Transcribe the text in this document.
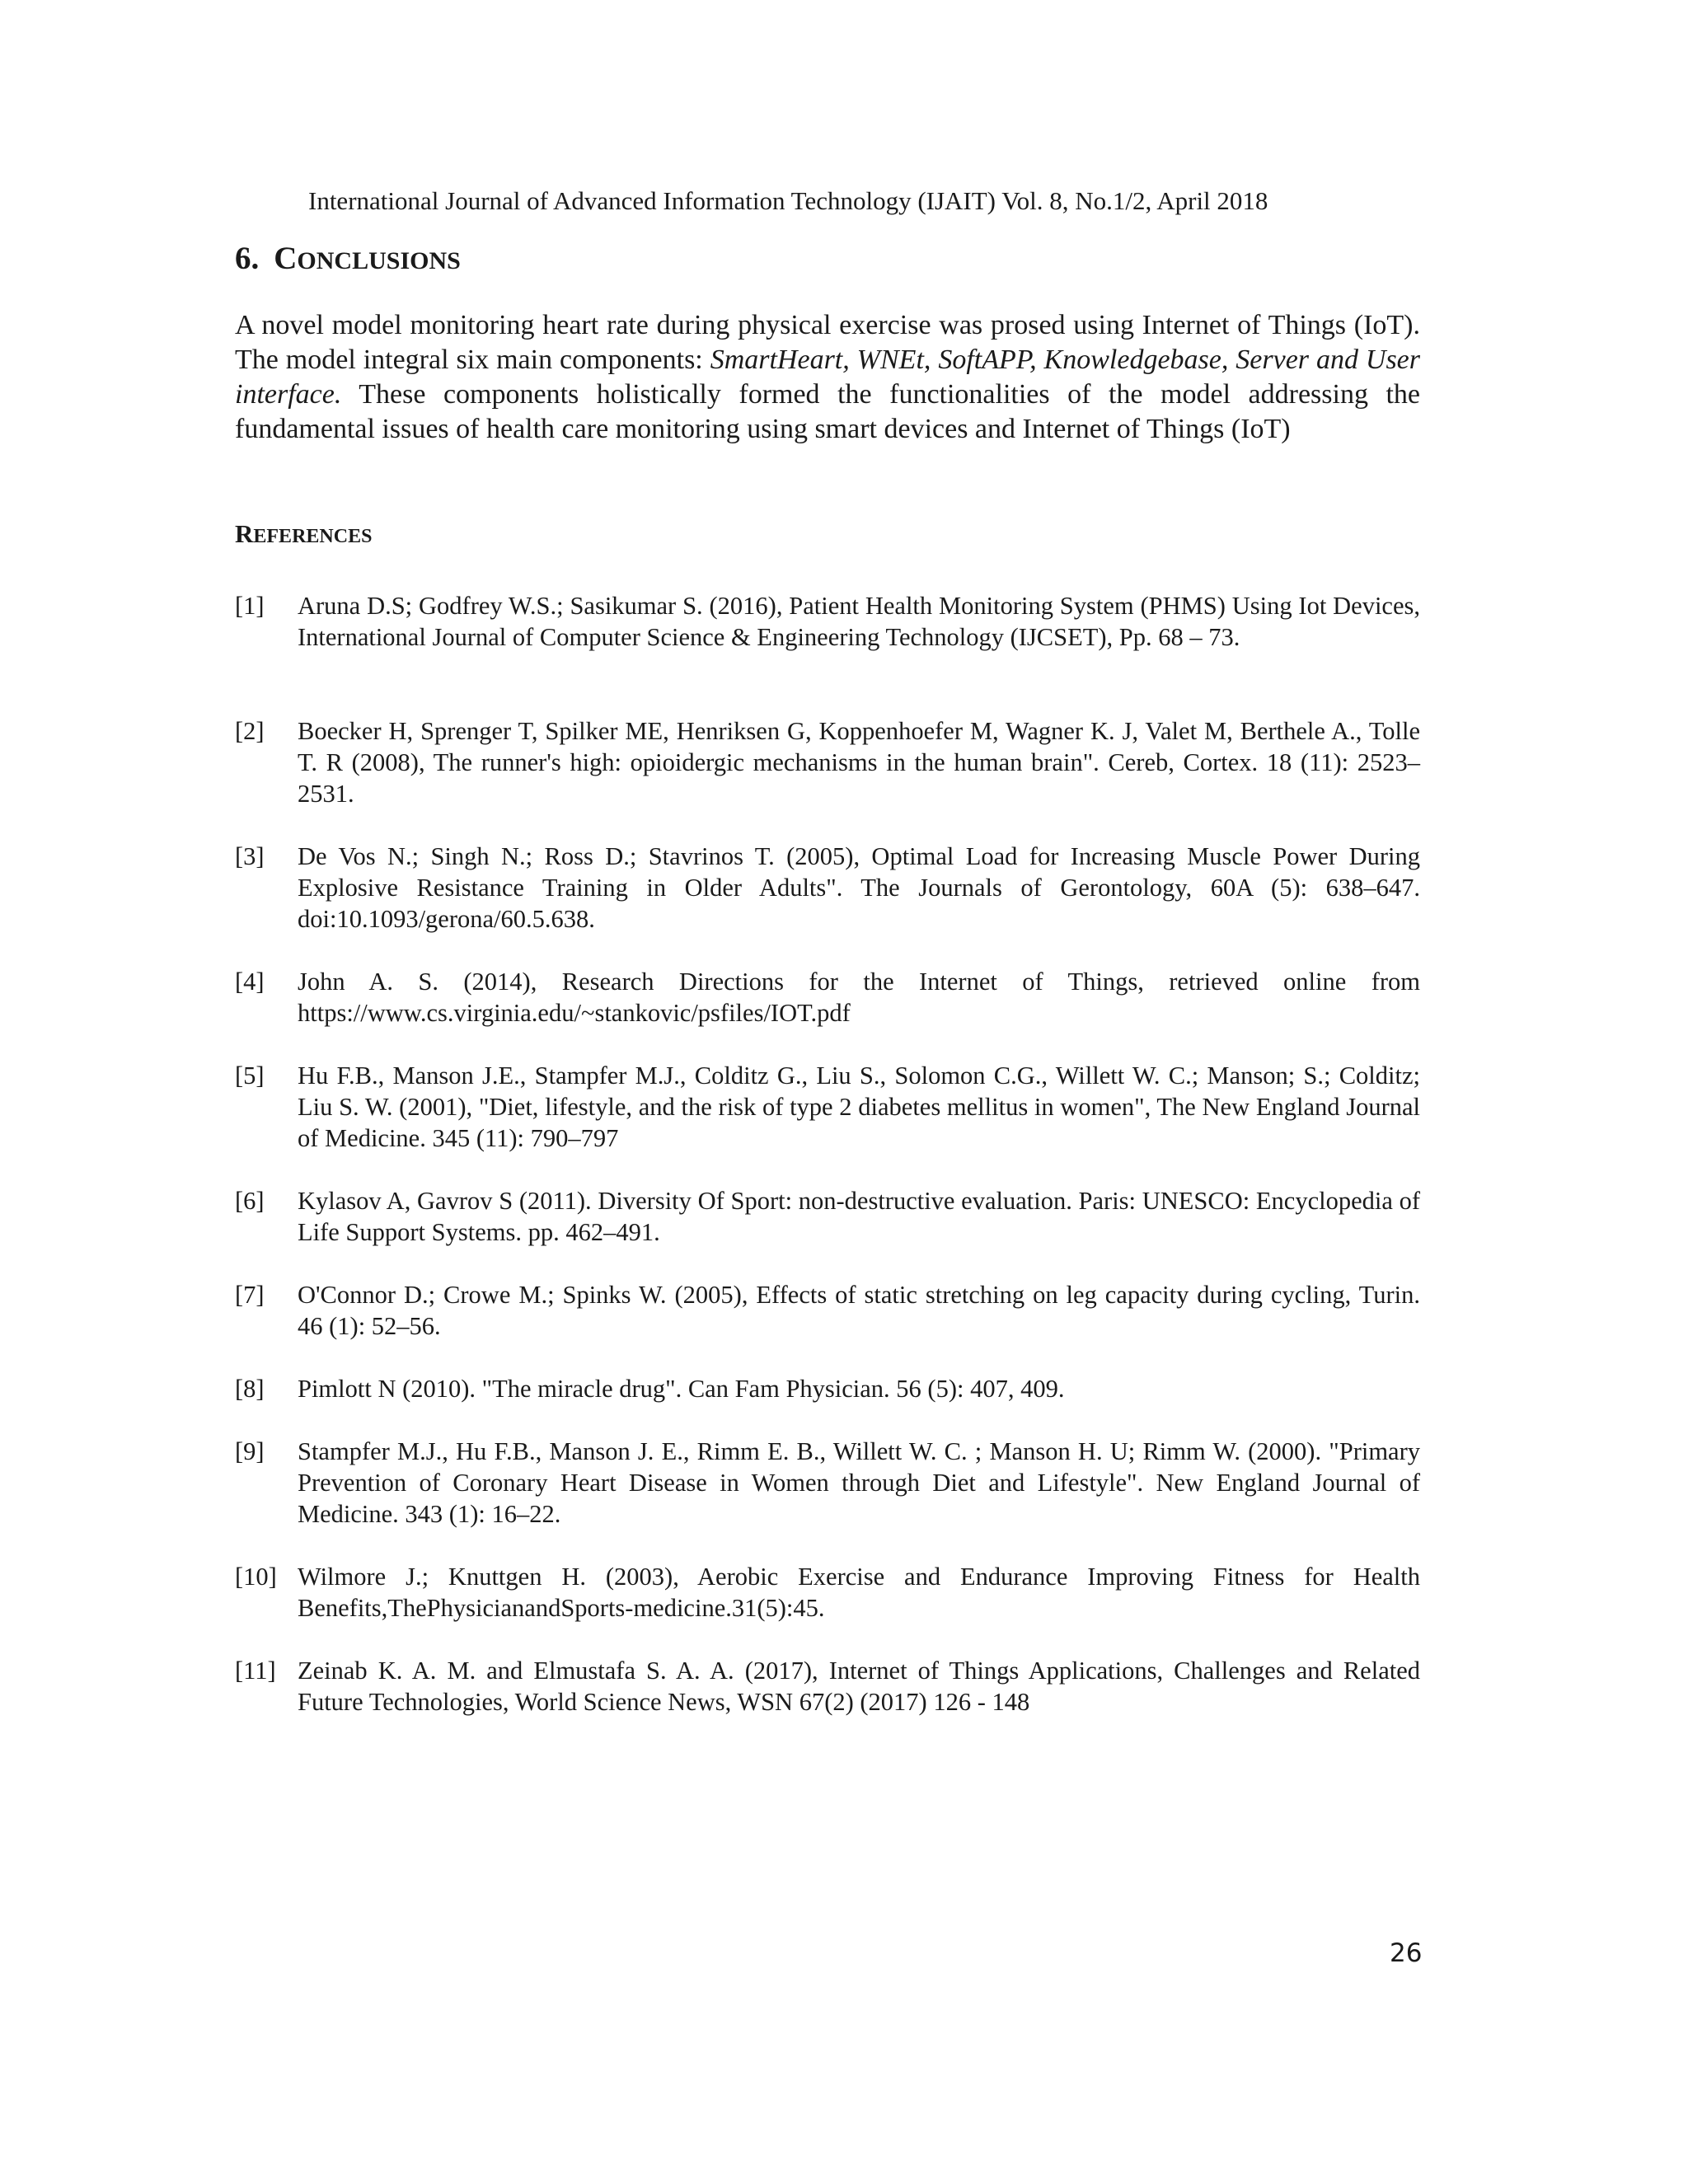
International Journal of Advanced Information Technology (IJAIT) Vol. 8, No.1/2, April 2018
6. CONCLUSIONS
A novel model monitoring heart rate during physical exercise was prosed using Internet of Things (IoT). The model integral six main components: SmartHeart, WNEt, SoftAPP, Knowledgebase, Server and User interface. These components holistically formed the functionalities of the model addressing the fundamental issues of health care monitoring using smart devices and Internet of Things (IoT)
REFERENCES
[1]	Aruna D.S; Godfrey W.S.; Sasikumar S. (2016), Patient Health Monitoring System (PHMS) Using Iot Devices, International Journal of Computer Science & Engineering Technology (IJCSET), Pp. 68 – 73.
[2]	Boecker H, Sprenger T, Spilker ME, Henriksen G, Koppenhoefer M, Wagner K. J, Valet M, Berthele A., Tolle T. R (2008), The runner's high: opioidergic mechanisms in the human brain". Cereb, Cortex. 18 (11): 2523–2531.
[3]	De Vos N.; Singh N.; Ross D.; Stavrinos T. (2005), Optimal Load for Increasing Muscle Power During Explosive Resistance Training in Older Adults". The Journals of Gerontology, 60A (5): 638–647. doi:10.1093/gerona/60.5.638.
[4]	John A. S. (2014), Research Directions for the Internet of Things, retrieved online from https://www.cs.virginia.edu/~stankovic/psfiles/IOT.pdf
[5]	Hu F.B., Manson J.E., Stampfer M.J., Colditz G., Liu S., Solomon C.G., Willett W. C.; Manson; S.; Colditz; Liu S. W. (2001), "Diet, lifestyle, and the risk of type 2 diabetes mellitus in women", The New England Journal of Medicine. 345 (11): 790–797
[6]	Kylasov A, Gavrov S (2011). Diversity Of Sport: non-destructive evaluation. Paris: UNESCO: Encyclopedia of Life Support Systems. pp. 462–491.
[7]	O'Connor D.; Crowe M.; Spinks W. (2005), Effects of static stretching on leg capacity during cycling, Turin. 46 (1): 52–56.
[8]	Pimlott N (2010). "The miracle drug". Can Fam Physician. 56 (5): 407, 409.
[9]	Stampfer M.J., Hu F.B., Manson J. E., Rimm E. B., Willett W. C. ; Manson H. U; Rimm W. (2000). "Primary Prevention of Coronary Heart Disease in Women through Diet and Lifestyle". New England Journal of Medicine. 343 (1): 16–22.
[10] Wilmore J.; Knuttgen H. (2003), Aerobic Exercise and Endurance Improving Fitness for Health Benefits,ThePhysicianandSports-medicine.31(5):45.
[11] Zeinab K. A. M. and Elmustafa S. A. A. (2017), Internet of Things Applications, Challenges and Related Future Technologies, World Science News, WSN 67(2) (2017) 126 - 148
26
